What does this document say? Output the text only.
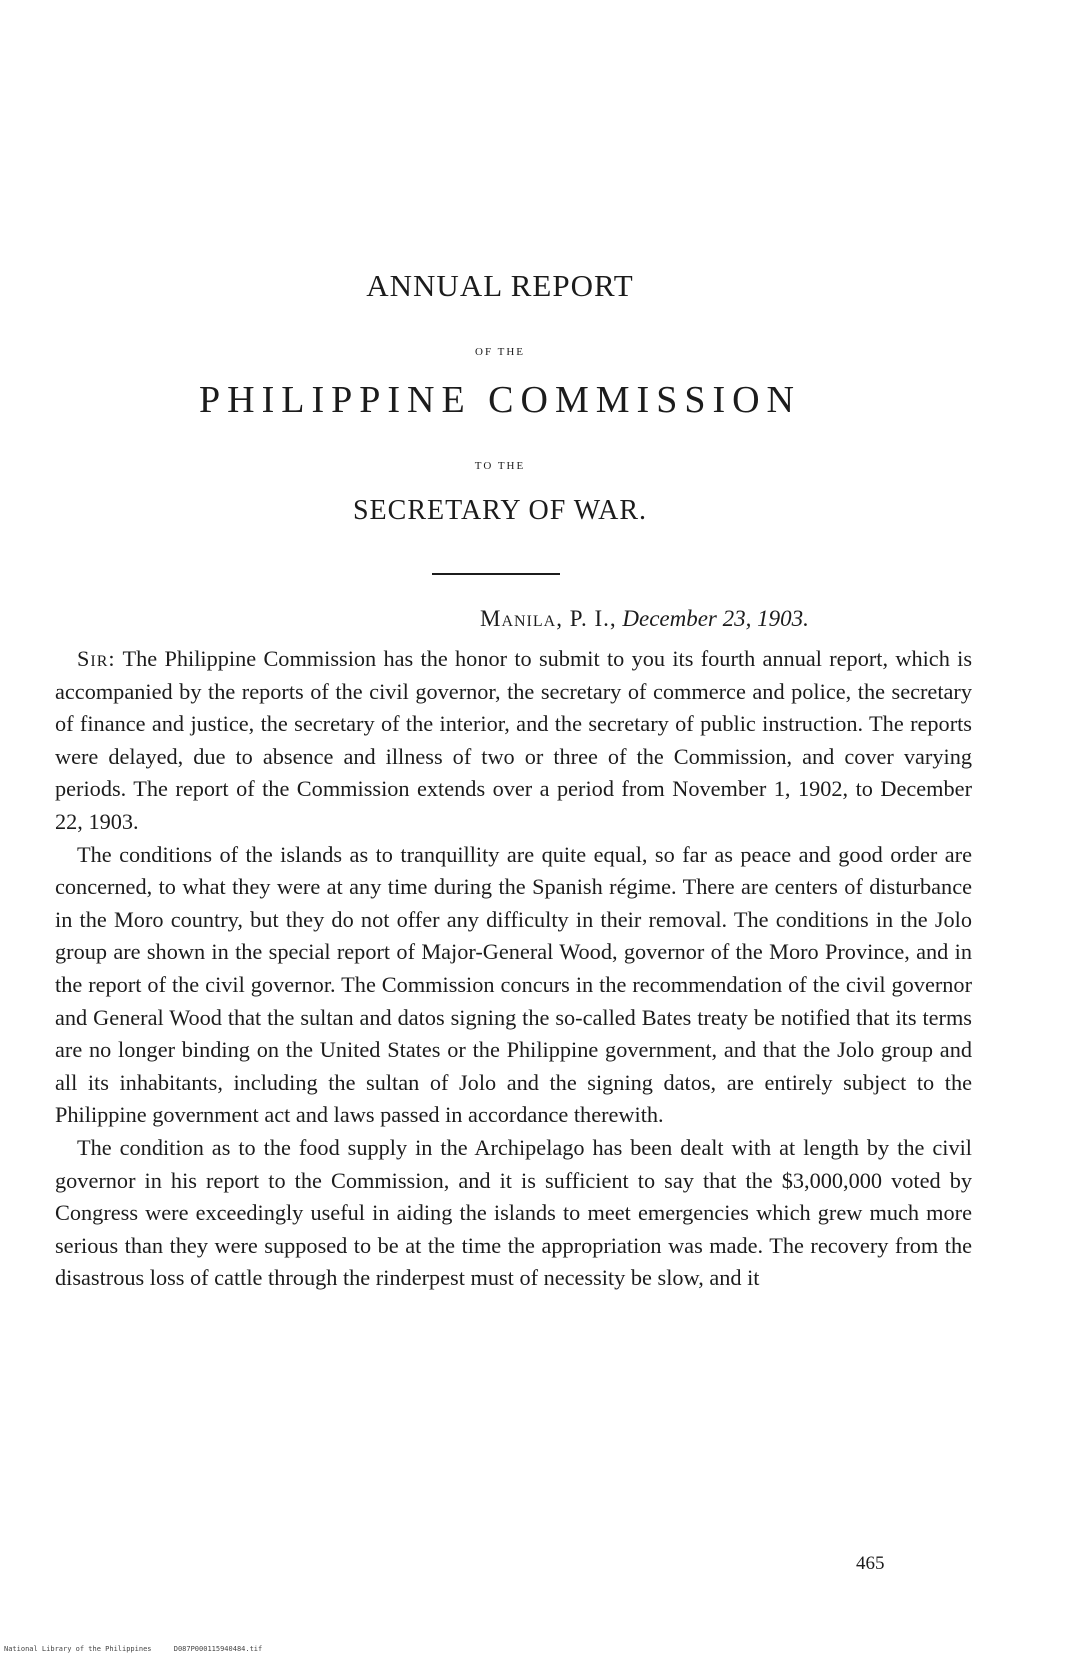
ANNUAL REPORT
OF THE
PHILIPPINE COMMISSION
TO THE
SECRETARY OF WAR.
Manila, P. I., December 23, 1903.

Sir: The Philippine Commission has the honor to submit to you its fourth annual report, which is accompanied by the reports of the civil governor, the secretary of commerce and police, the secretary of finance and justice, the secretary of the interior, and the secretary of public instruction. The reports were delayed, due to absence and illness of two or three of the Commission, and cover varying periods. The report of the Commission extends over a period from November 1, 1902, to December 22, 1903.

The conditions of the islands as to tranquillity are quite equal, so far as peace and good order are concerned, to what they were at any time during the Spanish régime. There are centers of disturbance in the Moro country, but they do not offer any difficulty in their removal. The conditions in the Jolo group are shown in the special report of Major-General Wood, governor of the Moro Province, and in the report of the civil governor. The Commission concurs in the recommendation of the civil governor and General Wood that the sultan and datos signing the so-called Bates treaty be notified that its terms are no longer binding on the United States or the Philippine government, and that the Jolo group and all its inhabitants, including the sultan of Jolo and the signing datos, are entirely subject to the Philippine government act and laws passed in accordance therewith.

The condition as to the food supply in the Archipelago has been dealt with at length by the civil governor in his report to the Commission, and it is sufficient to say that the $3,000,000 voted by Congress were exceedingly useful in aiding the islands to meet emergencies which grew much more serious than they were supposed to be at the time the appropriation was made. The recovery from the disastrous loss of cattle through the rinderpest must of necessity be slow, and it

465
National Library of the Philippines	D087P000115940484.tif
